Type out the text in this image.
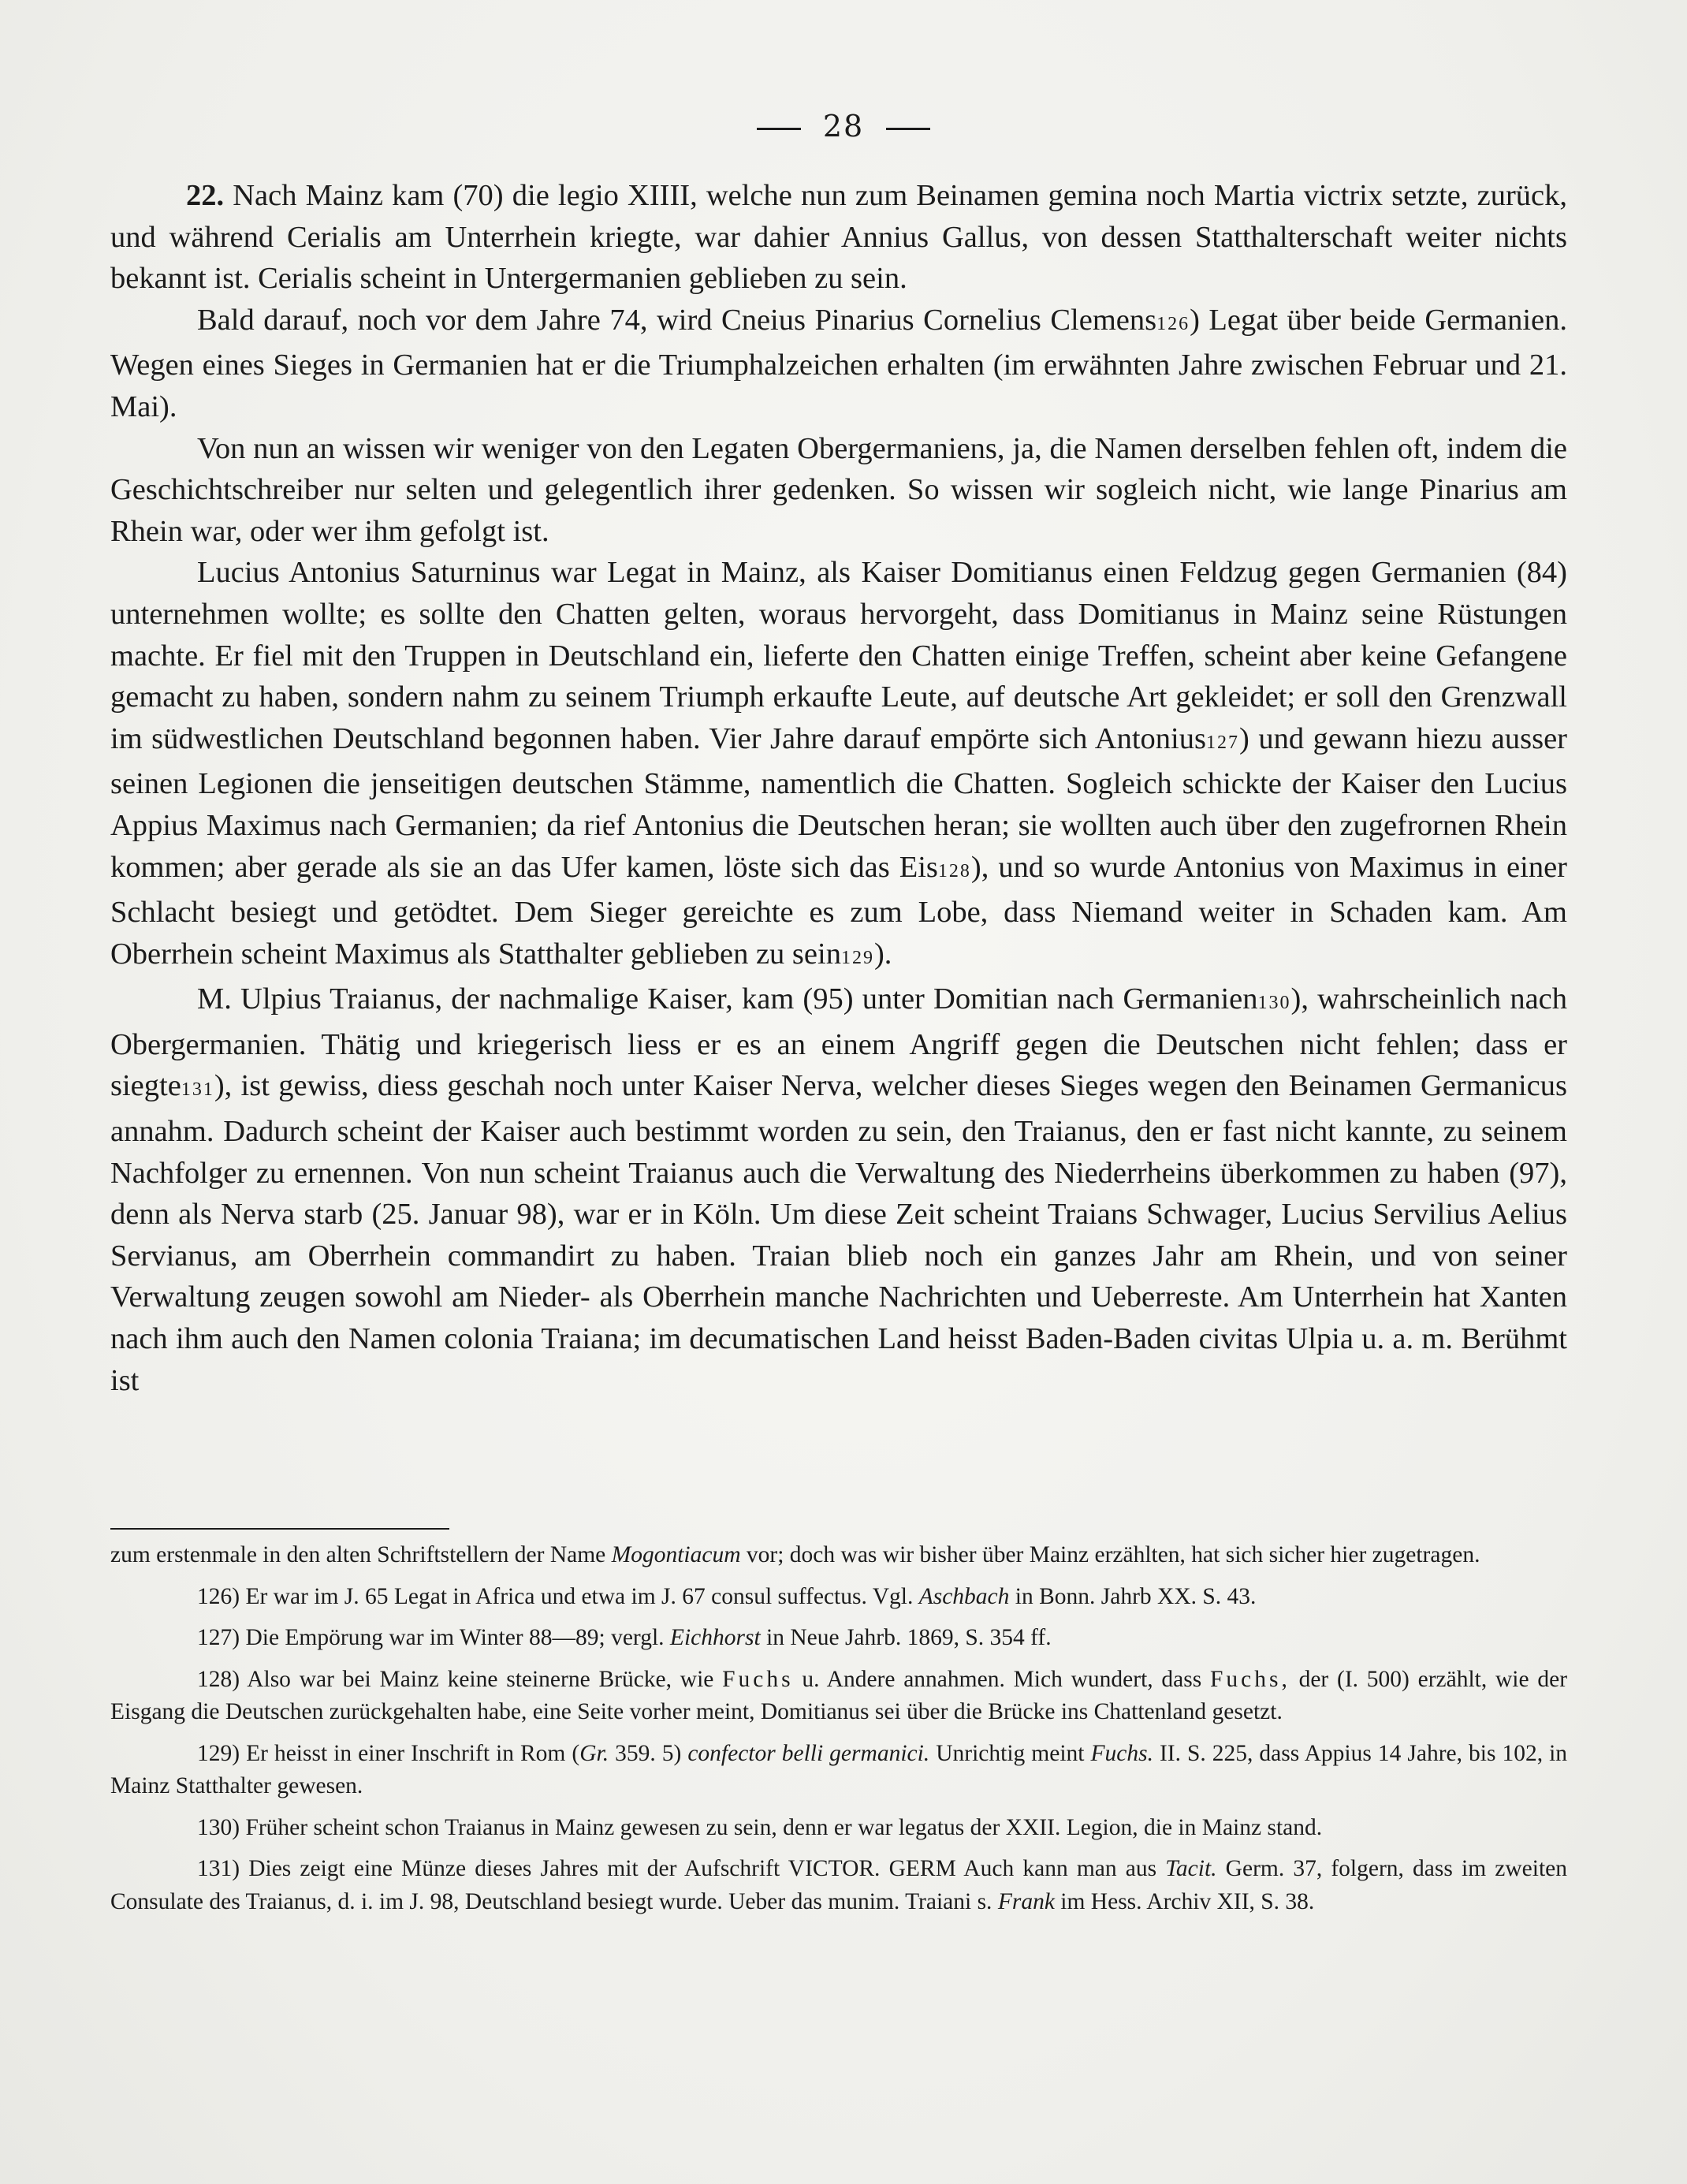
28

22. Nach Mainz kam (70) die legio XIIII, welche nun zum Beinamen gemina noch Martia victrix setzte, zurück, und während Cerialis am Unterrhein kriegte, war dahier Annius Gallus, von dessen Statthalterschaft weiter nichts bekannt ist. Cerialis scheint in Untergermanien geblieben zu sein.

Bald darauf, noch vor dem Jahre 74, wird Cneius Pinarius Cornelius Clemens126) Legat über beide Germanien. Wegen eines Sieges in Germanien hat er die Triumphalzeichen erhalten (im erwähnten Jahre zwischen Februar und 21. Mai).

Von nun an wissen wir weniger von den Legaten Obergermaniens, ja, die Namen derselben fehlen oft, indem die Geschichtschreiber nur selten und gelegentlich ihrer gedenken. So wissen wir sogleich nicht, wie lange Pinarius am Rhein war, oder wer ihm gefolgt ist.

Lucius Antonius Saturninus war Legat in Mainz, als Kaiser Domitianus einen Feldzug gegen Germanien (84) unternehmen wollte; es sollte den Chatten gelten, woraus hervorgeht, dass Domitianus in Mainz seine Rüstungen machte. Er fiel mit den Truppen in Deutschland ein, lieferte den Chatten einige Treffen, scheint aber keine Gefangene gemacht zu haben, sondern nahm zu seinem Triumph erkaufte Leute, auf deutsche Art gekleidet; er soll den Grenzwall im südwestlichen Deutschland begonnen haben. Vier Jahre darauf empörte sich Antonius127) und gewann hiezu ausser seinen Legionen die jenseitigen deutschen Stämme, namentlich die Chatten. Sogleich schickte der Kaiser den Lucius Appius Maximus nach Germanien; da rief Antonius die Deutschen heran; sie wollten auch über den zugefrornen Rhein kommen; aber gerade als sie an das Ufer kamen, löste sich das Eis128), und so wurde Antonius von Maximus in einer Schlacht besiegt und getödtet. Dem Sieger gereichte es zum Lobe, dass Niemand weiter in Schaden kam. Am Oberrhein scheint Maximus als Statthalter geblieben zu sein129).

M. Ulpius Traianus, der nachmalige Kaiser, kam (95) unter Domitian nach Germanien130), wahrscheinlich nach Obergermanien. Thätig und kriegerisch liess er es an einem Angriff gegen die Deutschen nicht fehlen; dass er siegte131), ist gewiss, diess geschah noch unter Kaiser Nerva, welcher dieses Sieges wegen den Beinamen Germanicus annahm. Dadurch scheint der Kaiser auch bestimmt worden zu sein, den Traianus, den er fast nicht kannte, zu seinem Nachfolger zu ernennen. Von nun scheint Traianus auch die Verwaltung des Niederrheins überkommen zu haben (97), denn als Nerva starb (25. Januar 98), war er in Köln. Um diese Zeit scheint Traians Schwager, Lucius Servilius Aelius Servianus, am Oberrhein commandirt zu haben. Traian blieb noch ein ganzes Jahr am Rhein, und von seiner Verwaltung zeugen sowohl am Nieder- als Oberrhein manche Nachrichten und Ueberreste. Am Unterrhein hat Xanten nach ihm auch den Namen colonia Traiana; im decumatischen Land heisst Baden-Baden civitas Ulpia u. a. m. Berühmt ist

zum erstenmale in den alten Schriftstellern der Name Mogontiacum vor; doch was wir bisher über Mainz erzählten, hat sich sicher hier zugetragen.

126) Er war im J. 65 Legat in Africa und etwa im J. 67 consul suffectus. Vgl. Aschbach in Bonn. Jahrb XX. S. 43.

127) Die Empörung war im Winter 88—89; vergl. Eichhorst in Neue Jahrb. 1869, S. 354 ff.

128) Also war bei Mainz keine steinerne Brücke, wie Fuchs u. Andere annahmen. Mich wundert, dass Fuchs, der (I. 500) erzählt, wie der Eisgang die Deutschen zurückgehalten habe, eine Seite vorher meint, Domitianus sei über die Brücke ins Chattenland gesetzt.

129) Er heisst in einer Inschrift in Rom (Gr. 359. 5) confector belli germanici. Unrichtig meint Fuchs. II. S. 225, dass Appius 14 Jahre, bis 102, in Mainz Statthalter gewesen.

130) Früher scheint schon Traianus in Mainz gewesen zu sein, denn er war legatus der XXII. Legion, die in Mainz stand.

131) Dies zeigt eine Münze dieses Jahres mit der Aufschrift VICTOR. GERM Auch kann man aus Tacit. Germ. 37, folgern, dass im zweiten Consulate des Traianus, d. i. im J. 98, Deutschland besiegt wurde. Ueber das munim. Traiani s. Frank im Hess. Archiv XII, S. 38.
